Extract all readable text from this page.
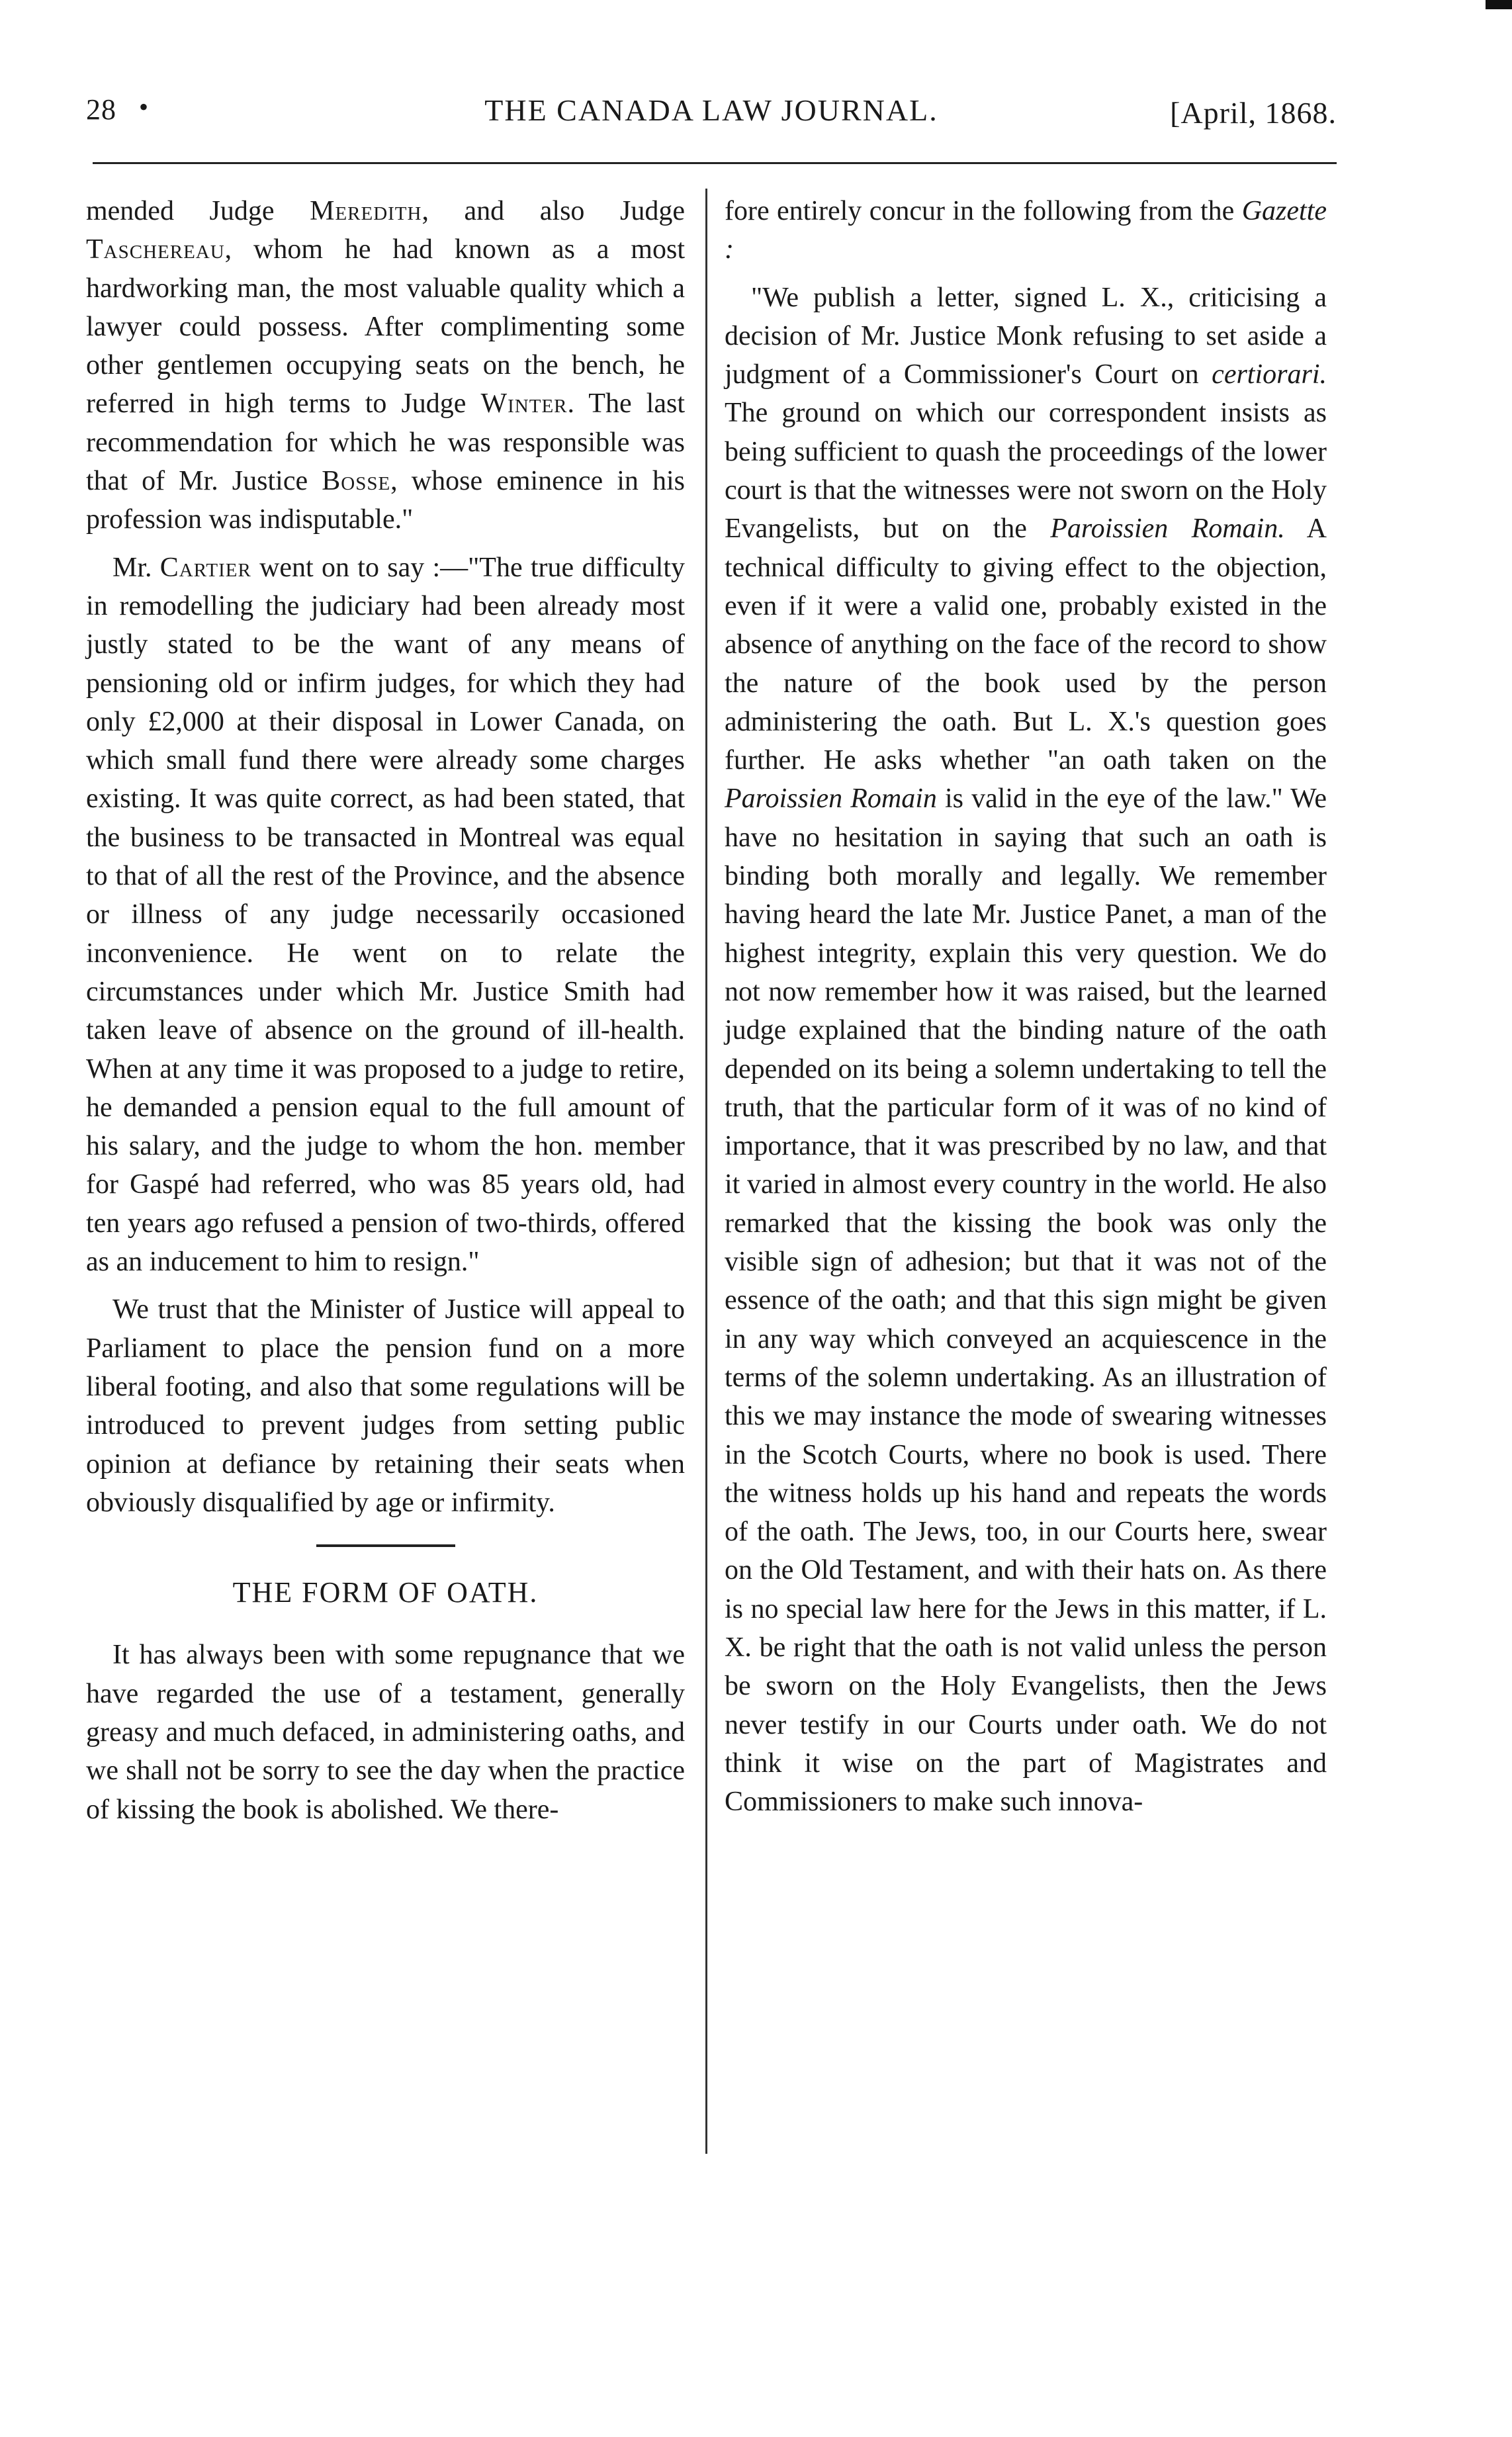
28 •	THE CANADA LAW JOURNAL.	[April, 1868.

mended Judge Meredith, and also Judge Taschereau, whom he had known as a most hardworking man, the most valuable quality which a lawyer could possess. After complimenting some other gentlemen occupying seats on the bench, he referred in high terms to Judge Winter. The last recommendation for which he was responsible was that of Mr. Justice Bosse, whose eminence in his profession was indisputable."

Mr. Cartier went on to say :—"The true difficulty in remodelling the judiciary had been already most justly stated to be the want of any means of pensioning old or infirm judges, for which they had only £2,000 at their disposal in Lower Canada, on which small fund there were already some charges existing. It was quite correct, as had been stated, that the business to be transacted in Montreal was equal to that of all the rest of the Province, and the absence or illness of any judge necessarily occasioned inconvenience. He went on to relate the circumstances under which Mr. Justice Smith had taken leave of absence on the ground of ill-health. When at any time it was proposed to a judge to retire, he demanded a pension equal to the full amount of his salary, and the judge to whom the hon. member for Gaspé had referred, who was 85 years old, had ten years ago refused a pension of two-thirds, offered as an inducement to him to resign."

We trust that the Minister of Justice will appeal to Parliament to place the pension fund on a more liberal footing, and also that some regulations will be introduced to prevent judges from setting public opinion at defiance by retaining their seats when obviously disqualified by age or infirmity.

THE FORM OF OATH.

It has always been with some repugnance that we have regarded the use of a testament, generally greasy and much defaced, in administering oaths, and we shall not be sorry to see the day when the practice of kissing the book is abolished. We there-

fore entirely concur in the following from the Gazette :

"We publish a letter, signed L. X., criticising a decision of Mr. Justice Monk refusing to set aside a judgment of a Commissioner's Court on certiorari. The ground on which our correspondent insists as being sufficient to quash the proceedings of the lower court is that the witnesses were not sworn on the Holy Evangelists, but on the Paroissien Romain. A technical difficulty to giving effect to the objection, even if it were a valid one, probably existed in the absence of anything on the face of the record to show the nature of the book used by the person administering the oath. But L. X.'s question goes further. He asks whether "an oath taken on the Paroissien Romain is valid in the eye of the law." We have no hesitation in saying that such an oath is binding both morally and legally. We remember having heard the late Mr. Justice Panet, a man of the highest integrity, explain this very question. We do not now remember how it was raised, but the learned judge explained that the binding nature of the oath depended on its being a solemn undertaking to tell the truth, that the particular form of it was of no kind of importance, that it was prescribed by no law, and that it varied in almost every country in the world. He also remarked that the kissing the book was only the visible sign of adhesion; but that it was not of the essence of the oath; and that this sign might be given in any way which conveyed an acquiescence in the terms of the solemn undertaking. As an illustration of this we may instance the mode of swearing witnesses in the Scotch Courts, where no book is used. There the witness holds up his hand and repeats the words of the oath. The Jews, too, in our Courts here, swear on the Old Testament, and with their hats on. As there is no special law here for the Jews in this matter, if L. X. be right that the oath is not valid unless the person be sworn on the Holy Evangelists, then the Jews never testify in our Courts under oath. We do not think it wise on the part of Magistrates and Commissioners to make such innova-
